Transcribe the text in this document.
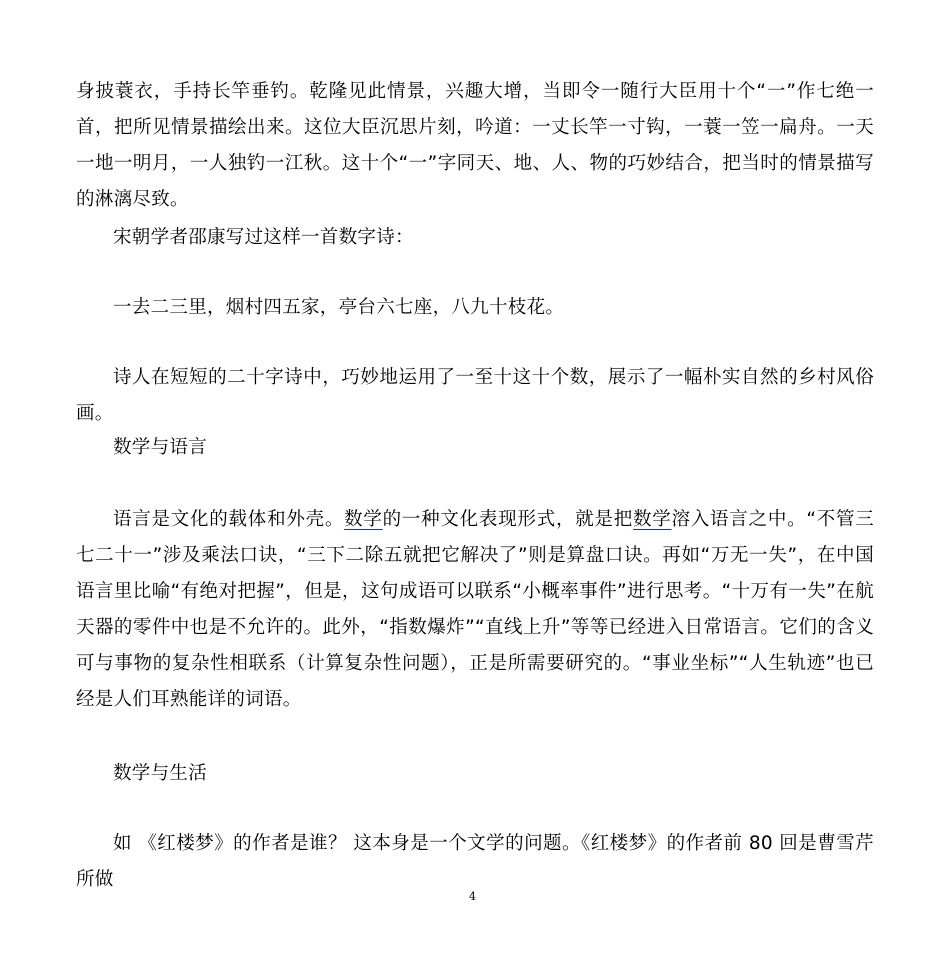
身披蓑衣，手持长竿垂钓。乾隆见此情景，兴趣大增，当即令一随行大臣用十个“一”作七绝一首，把所见情景描绘出来。这位大臣沉思片刻，吟道：一丈长竿一寸钩，一蓑一笠一扁舟。一天一地一明月，一人独钓一江秋。这十个“一”字同天、地、人、物的巧妙结合，把当时的情景描写的淋漓尽致。

宋朝学者邵康写过这样一首数字诗：

一去二三里，烟村四五家，亭台六七座，八九十枝花。

诗人在短短的二十字诗中，巧妙地运用了一至十这十个数，展示了一幅朴实自然的乡村风俗画。

数学与语言

语言是文化的载体和外壳。数学的一种文化表现形式，就是把数学溶入语言之中。“不管三七二十一”涉及乘法口诀，“三下二除五就把它解决了”则是算盘口诀。再如“万无一失”，在中国语言里比喻“有绝对把握”，但是，这句成语可以联系“小概率事件”进行思考。“十万有一失”在航天器的零件中也是不允许的。此外，“指数爆炸”“直线上升”等等已经进入日常语言。它们的含义可与事物的复杂性相联系（计算复杂性问题），正是所需要研究的。“事业坐标”“人生轨迹”也已经是人们耳熟能详的词语。

数学与生活

如 《红楼梦》的作者是谁？ 这本身是一个文学的问题。《红楼梦》的作者前 80 回是曹雪芹所做

4
